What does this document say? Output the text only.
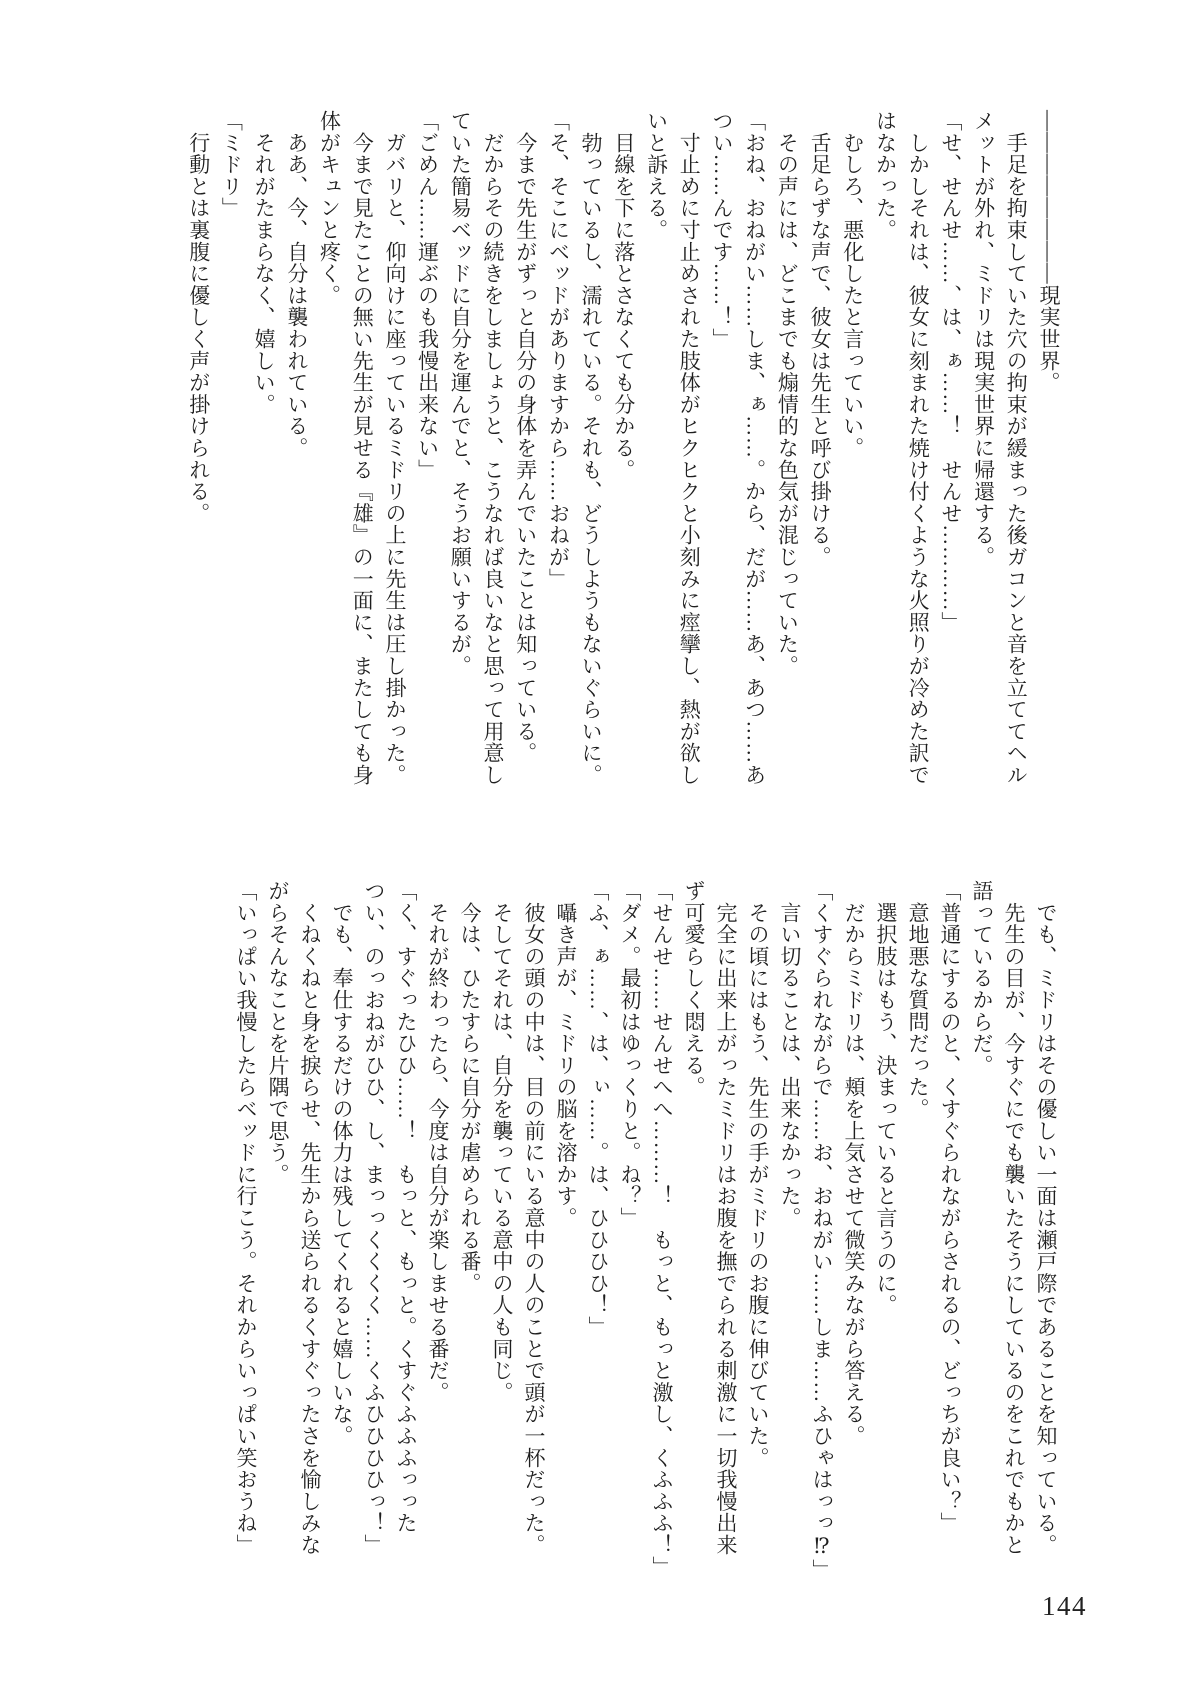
――――――――現実世界。
　手足を拘束していた穴の拘束が緩まった後ガコンと音を立ててヘル
メットが外れ、ミドリは現実世界に帰還する。
「せ、せんせ……、は、ぁ……！　せんせ…………」
　しかしそれは、彼女に刻まれた焼け付くような火照りが冷めた訳で
はなかった。
　むしろ、悪化したと言っていい。
　舌足らずな声で、彼女は先生と呼び掛ける。
　その声には、どこまでも煽情的な色気が混じっていた。
「おね、おねがい……しま、ぁ……。から、だが……あ、あつ……あ
つい……んです……！」
　寸止めに寸止めされた肢体がヒクヒクと小刻みに痙攣し、熱が欲し
いと訴える。
　目線を下に落とさなくても分かる。
　勃っているし、濡れている。それも、どうしようもないぐらいに。
「そ、そこにベッドがありますから……おねが」
　今まで先生がずっと自分の身体を弄んでいたことは知っている。
　だからその続きをしましょうと、こうなれば良いなと思って用意し
ていた簡易ベッドに自分を運んでと、そうお願いするが。
「ごめん……運ぶのも我慢出来ない」
　ガバリと、仰向けに座っているミドリの上に先生は圧し掛かった。
　今まで見たことの無い先生が見せる『雄』の一面に、またしても身
体がキュンと疼く。
　ああ、今、自分は襲われている。
　それがたまらなく、嬉しい。
「ミドリ」
　行動とは裏腹に優しく声が掛けられる。
　でも、ミドリはその優しい一面は瀬戸際であることを知っている。
　先生の目が、今すぐにでも襲いたそうにしているのをこれでもかと
語っているからだ。
「普通にするのと、くすぐられながらされるの、どっちが良い？」
　意地悪な質問だった。
　選択肢はもう、決まっていると言うのに。
　だからミドリは、頬を上気させて微笑みながら答える。
「くすぐられながらで……お、おねがい……しま……ふひゃはっっ⁉」
　言い切ることは、出来なかった。
　その頃にはもう、先生の手がミドリのお腹に伸びていた。
　完全に出来上がったミドリはお腹を撫でられる刺激に一切我慢出来
ず可愛らしく悶える。
「せんせ……せんせへへ………！　もっと、もっと激し、くふふふ！」
「ダメ。最初はゆっくりと。ね？」
「ふ、ぁ……、は、ぃ……。は、ひひひひ！」
　囁き声が、ミドリの脳を溶かす。
　彼女の頭の中は、目の前にいる意中の人のことで頭が一杯だった。
　そしてそれは、自分を襲っている意中の人も同じ。
　今は、ひたすらに自分が虐められる番。
　それが終わったら、今度は自分が楽しませる番だ。
「く、すぐったひひ……！　もっと、もっと。くすぐふふふっった
つい、のっおねがひひ、し、まっっくくくく……くふひひひひっ！」
　でも、奉仕するだけの体力は残してくれると嬉しいな。
　くねくねと身を捩らせ、先生から送られるくすぐったさを愉しみな
がらそんなことを片隅で思う。
「いっぱい我慢したらベッドに行こう。それからいっぱい笑おうね」
144
